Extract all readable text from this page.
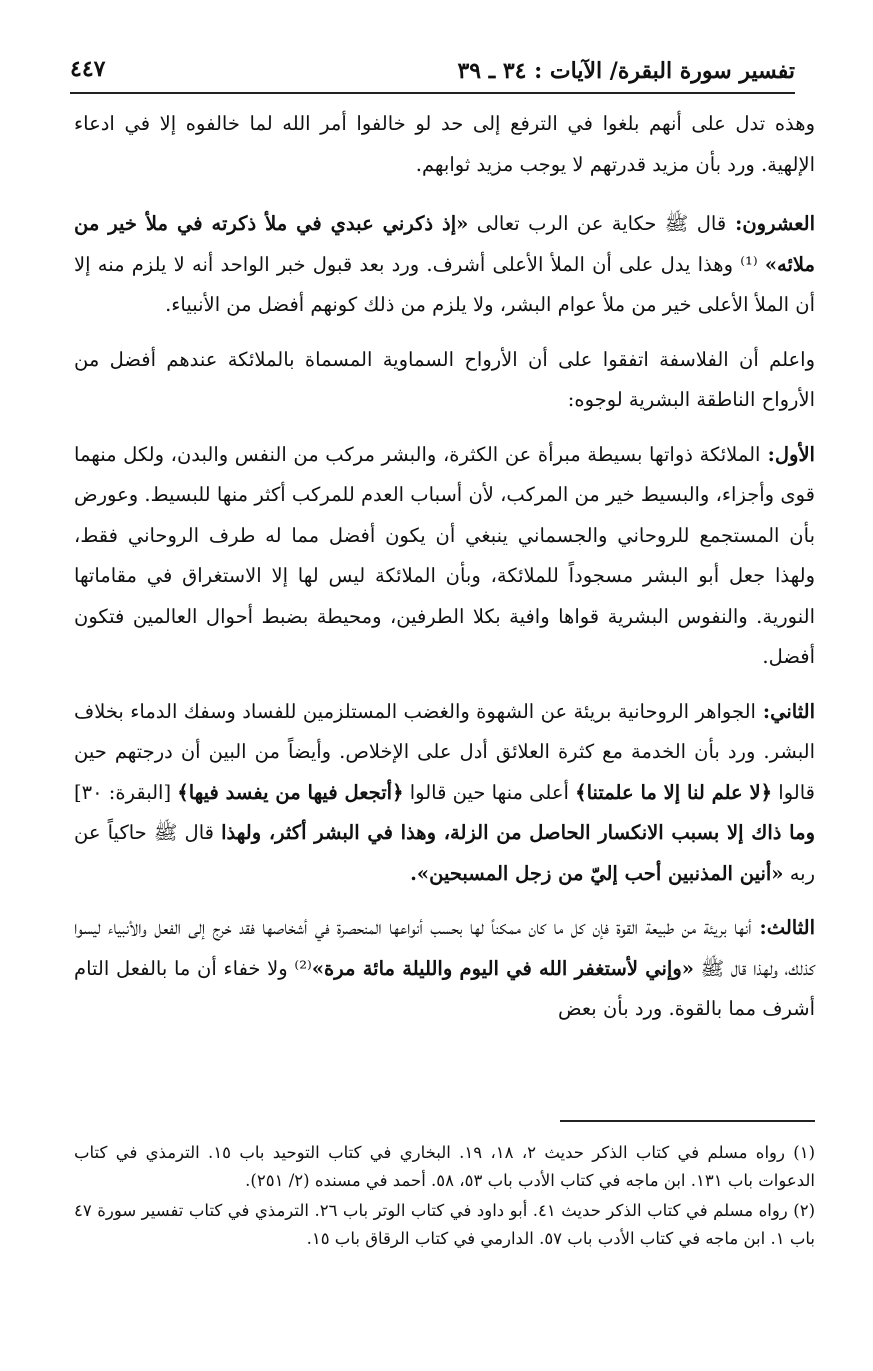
تفسير سورة البقرة/ الآيات : ٣٤ ـ ٣٩
٤٤٧

وهذه تدل على أنهم بلغوا في الترفع إلى حد لو خالفوا أمر الله لما خالفوه إلا في ادعاء الإلهية. ورد بأن مزيد قدرتهم لا يوجب مزيد ثوابهم.

العشرون: قال ﷺ حكاية عن الرب تعالى «إذ ذكرني عبدي في ملأ ذكرته في ملأ خير من ملائه» ⁽¹⁾ وهذا يدل على أن الملأ الأعلى أشرف. ورد بعد قبول خبر الواحد أنه لا يلزم منه إلا أن الملأ الأعلى خير من ملأ عوام البشر، ولا يلزم من ذلك كونهم أفضل من الأنبياء.

واعلم أن الفلاسفة اتفقوا على أن الأرواح السماوية المسماة بالملائكة عندهم أفضل من الأرواح الناطقة البشرية لوجوه:

الأول: الملائكة ذواتها بسيطة مبرأة عن الكثرة، والبشر مركب من النفس والبدن، ولكل منهما قوى وأجزاء، والبسيط خير من المركب، لأن أسباب العدم للمركب أكثر منها للبسيط. وعورض بأن المستجمع للروحاني والجسماني ينبغي أن يكون أفضل مما له طرف الروحاني فقط، ولهذا جعل أبو البشر مسجوداً للملائكة، وبأن الملائكة ليس لها إلا الاستغراق في مقاماتها النورية. والنفوس البشرية قواها وافية بكلا الطرفين، ومحيطة بضبط أحوال العالمين فتكون أفضل.

الثاني: الجواهر الروحانية بريئة عن الشهوة والغضب المستلزمين للفساد وسفك الدماء بخلاف البشر. ورد بأن الخدمة مع كثرة العلائق أدل على الإخلاص. وأيضاً من البين أن درجتهم حين قالوا ﴿لا علم لنا إلا ما علمتنا﴾ أعلى منها حين قالوا ﴿أتجعل فيها من يفسد فيها﴾ [البقرة: ٣٠] وما ذاك إلا بسبب الانكسار الحاصل من الزلة، وهذا في البشر أكثر، ولهذا قال ﷺ حاكياً عن ربه «أنين المذنبين أحب إليّ من زجل المسبحين».

الثالث: أنها بريئة من طبيعة القوة فإن كل ما كان ممكناً لها بحسب أنواعها المنحصرة في أشخاصها فقد خرج إلى الفعل والأنبياء ليسوا كذلك، ولهذا قال ﷺ «وإني لأستغفر الله في اليوم والليلة مائة مرة»⁽²⁾ ولا خفاء أن ما بالفعل التام أشرف مما بالقوة. ورد بأن بعض

(١) رواه مسلم في كتاب الذكر حديث ٢، ١٨، ١٩. البخاري في كتاب التوحيد باب ١٥. الترمذي في كتاب الدعوات باب ١٣١. ابن ماجه في كتاب الأدب باب ٥٣، ٥٨. أحمد في مسنده (٢/ ٢٥١).

(٢) رواه مسلم في كتاب الذكر حديث ٤١. أبو داود في كتاب الوتر باب ٢٦. الترمذي في كتاب تفسير سورة ٤٧ باب ١. ابن ماجه في كتاب الأدب باب ٥٧. الدارمي في كتاب الرقاق باب ١٥.
